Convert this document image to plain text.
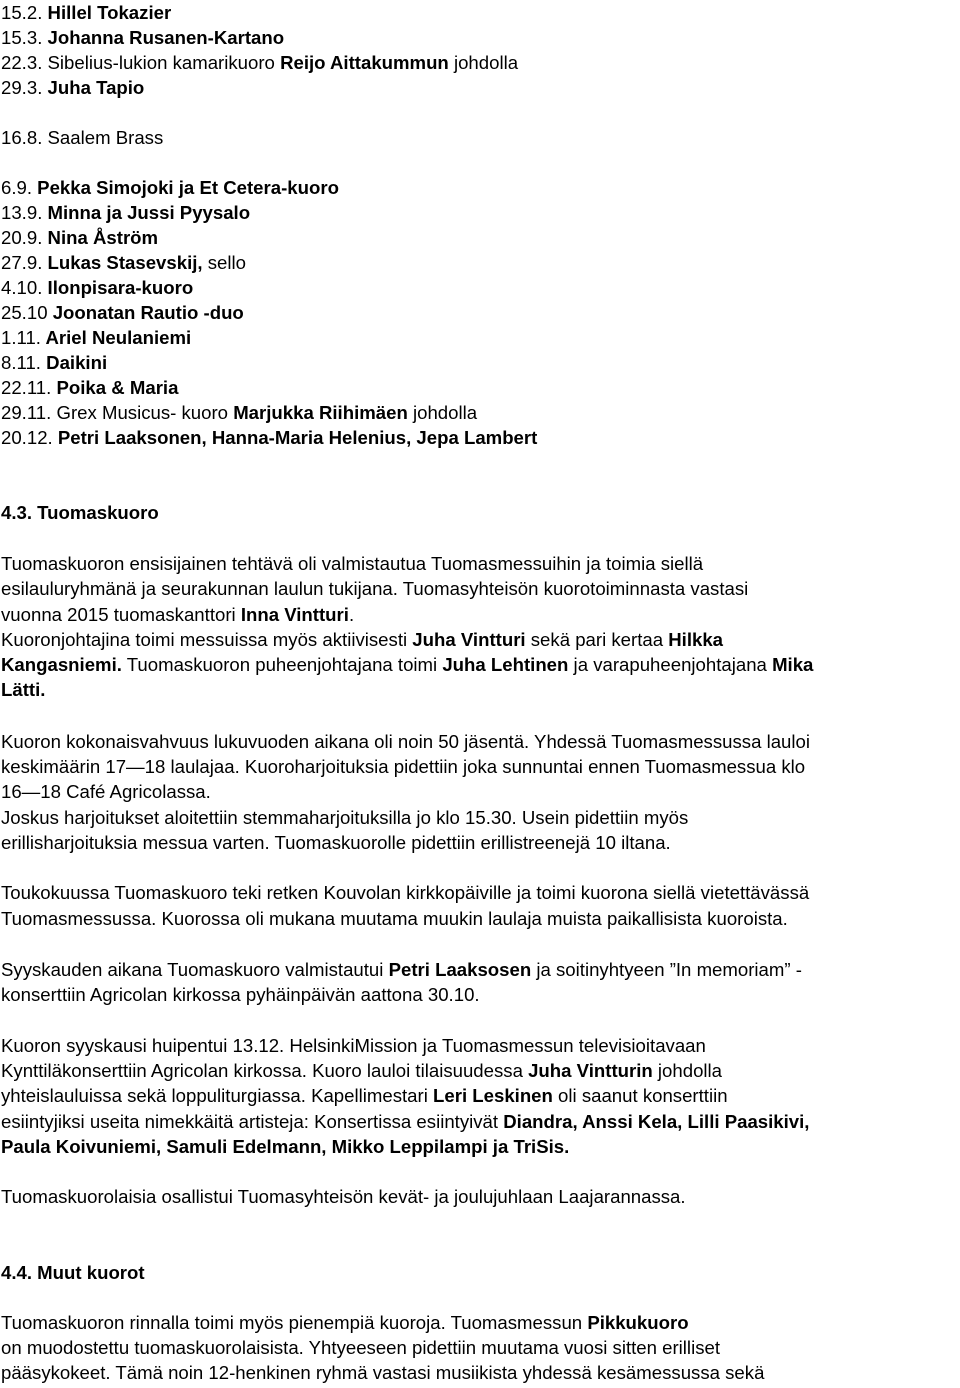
15.2. Hillel Tokazier
15.3. Johanna Rusanen-Kartano
22.3. Sibelius-lukion kamarikuoro Reijo Aittakummun johdolla
29.3. Juha Tapio
16.8. Saalem Brass
6.9. Pekka Simojoki ja Et Cetera-kuoro
13.9. Minna ja Jussi Pyysalo
20.9. Nina Åström
27.9. Lukas Stasevskij, sello
4.10. Ilonpisara-kuoro
25.10 Joonatan Rautio -duo
1.11. Ariel Neulaniemi
8.11. Daikini
22.11. Poika & Maria
29.11. Grex Musicus- kuoro Marjukka Riihimäen johdolla
20.12. Petri Laaksonen, Hanna-Maria Helenius, Jepa Lambert
4.3. Tuomaskuoro
Tuomaskuoron ensisijainen tehtävä oli valmistautua Tuomasmessuihin ja toimia siellä
esilauluryhmänä ja seurakunnan laulun tukijana. Tuomasyhteisön kuorotoiminnasta vastasi
vuonna 2015 tuomaskanttori Inna Vintturi.
Kuoronjohtajina toimi messuissa myös aktiivisesti Juha Vintturi sekä pari kertaa Hilkka
Kangasniemi. Tuomaskuoron puheenjohtajana toimi Juha Lehtinen ja varapuheenjohtajana Mika
Lätti.
Kuoron kokonaisvahvuus lukuvuoden aikana oli noin 50 jäsentä. Yhdessä Tuomasmessussa lauloi
keskimäärin 17—18 laulajaa. Kuoroharjoituksia pidettiin joka sunnuntai ennen Tuomasmessua klo
16—18 Café Agricolassa.
Joskus harjoitukset aloitettiin stemmaharjoituksilla jo klo 15.30. Usein pidettiin myös
erillisharjoituksia messua varten. Tuomaskuorolle pidettiin erillistreenejä 10 iltana.
Toukokuussa Tuomaskuoro teki retken Kouvolan kirkkopäiville ja toimi kuorona siellä vietettävässä
Tuomasmessussa. Kuorossa oli mukana muutama muukin laulaja muista paikallisista kuoroista.
Syyskauden aikana Tuomaskuoro valmistautui Petri Laaksosen ja soitinyhtyeen ”In memoriam” -
konserttiin Agricolan kirkossa pyhäinpäivän aattona 30.10.
Kuoron syyskausi huipentui 13.12. HelsinkiMission ja Tuomasmessun televisioitavaan
Kynttiläkonserttiin Agricolan kirkossa. Kuoro lauloi tilaisuudessa Juha Vintturin johdolla
yhteislauluissa sekä loppuliturgiassa. Kapellimestari Leri Leskinen oli saanut konserttiin
esiintyjiksi useita nimekkäitä artisteja: Konsertissa esiintyivät Diandra, Anssi Kela, Lilli Paasikivi,
Paula Koivuniemi, Samuli Edelmann, Mikko Leppilampi ja TriSis.
Tuomaskuorolaisia osallistui Tuomasyhteisön kevät- ja joulujuhlaan Laajarannassa.
4.4. Muut kuorot
Tuomaskuoron rinnalla toimi myös pienempiä kuoroja. Tuomasmessun Pikkukuoro
on muodostettu tuomaskuorolaisista. Yhtyeeseen pidettiin muutama vuosi sitten erilliset
pääsykokeet. Tämä noin 12-henkinen ryhmä vastasi musiikista yhdessä kesämessussa sekä
